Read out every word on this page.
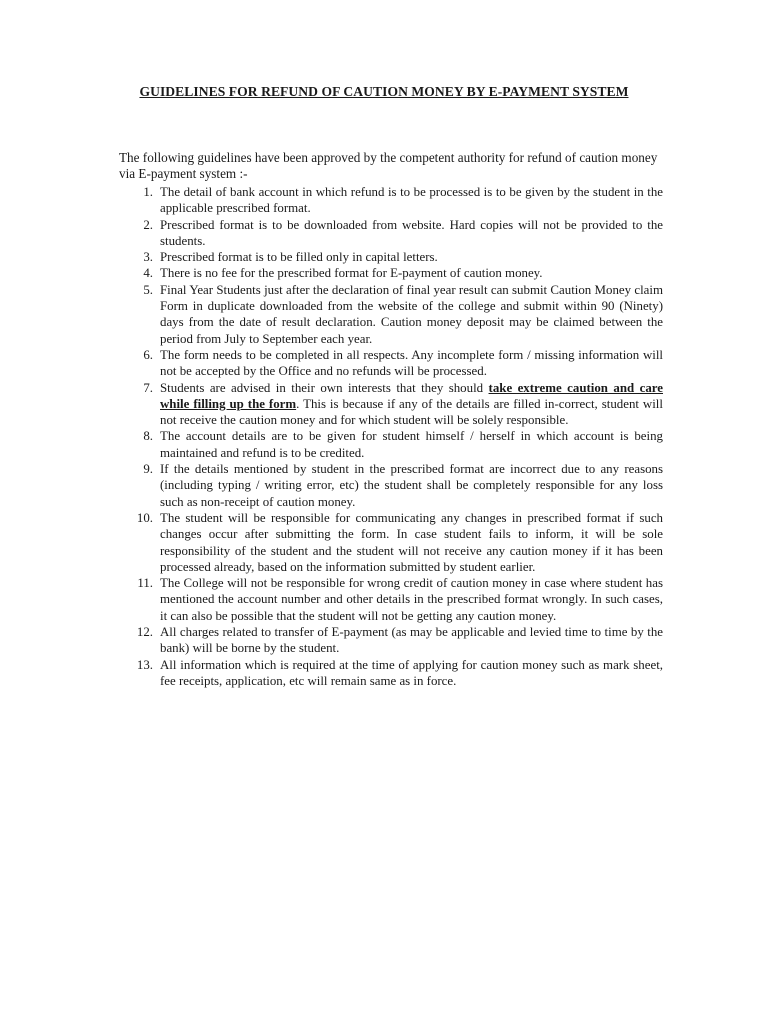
GUIDELINES FOR REFUND OF CAUTION MONEY BY E-PAYMENT SYSTEM

The following guidelines have been approved by the competent authority for refund of caution money via E-payment system :-

1. The detail of bank account in which refund is to be processed is to be given by the student in the applicable prescribed format.
2. Prescribed format is to be downloaded from website. Hard copies will not be provided to the students.
3. Prescribed format is to be filled only in capital letters.
4. There is no fee for the prescribed format for E-payment of caution money.
5. Final Year Students just after the declaration of final year result can submit Caution Money claim Form in duplicate downloaded from the website of the college and submit within 90 (Ninety) days from the date of result declaration. Caution money deposit may be claimed between the period from July to September each year.
6. The form needs to be completed in all respects. Any incomplete form / missing information will not be accepted by the Office and no refunds will be processed.
7. Students are advised in their own interests that they should take extreme caution and care while filling up the form. This is because if any of the details are filled in-correct, student will not receive the caution money and for which student will be solely responsible.
8. The account details are to be given for student himself / herself in which account is being maintained and refund is to be credited.
9. If the details mentioned by student in the prescribed format are incorrect due to any reasons (including typing / writing error, etc) the student shall be completely responsible for any loss such as non-receipt of caution money.
10. The student will be responsible for communicating any changes in prescribed format if such changes occur after submitting the form. In case student fails to inform, it will be sole responsibility of the student and the student will not receive any caution money if it has been processed already, based on the information submitted by student earlier.
11. The College will not be responsible for wrong credit of caution money in case where student has mentioned the account number and other details in the prescribed format wrongly. In such cases, it can also be possible that the student will not be getting any caution money.
12. All charges related to transfer of E-payment (as may be applicable and levied time to time by the bank) will be borne by the student.
13. All information which is required at the time of applying for caution money such as mark sheet, fee receipts, application, etc will remain same as in force.
